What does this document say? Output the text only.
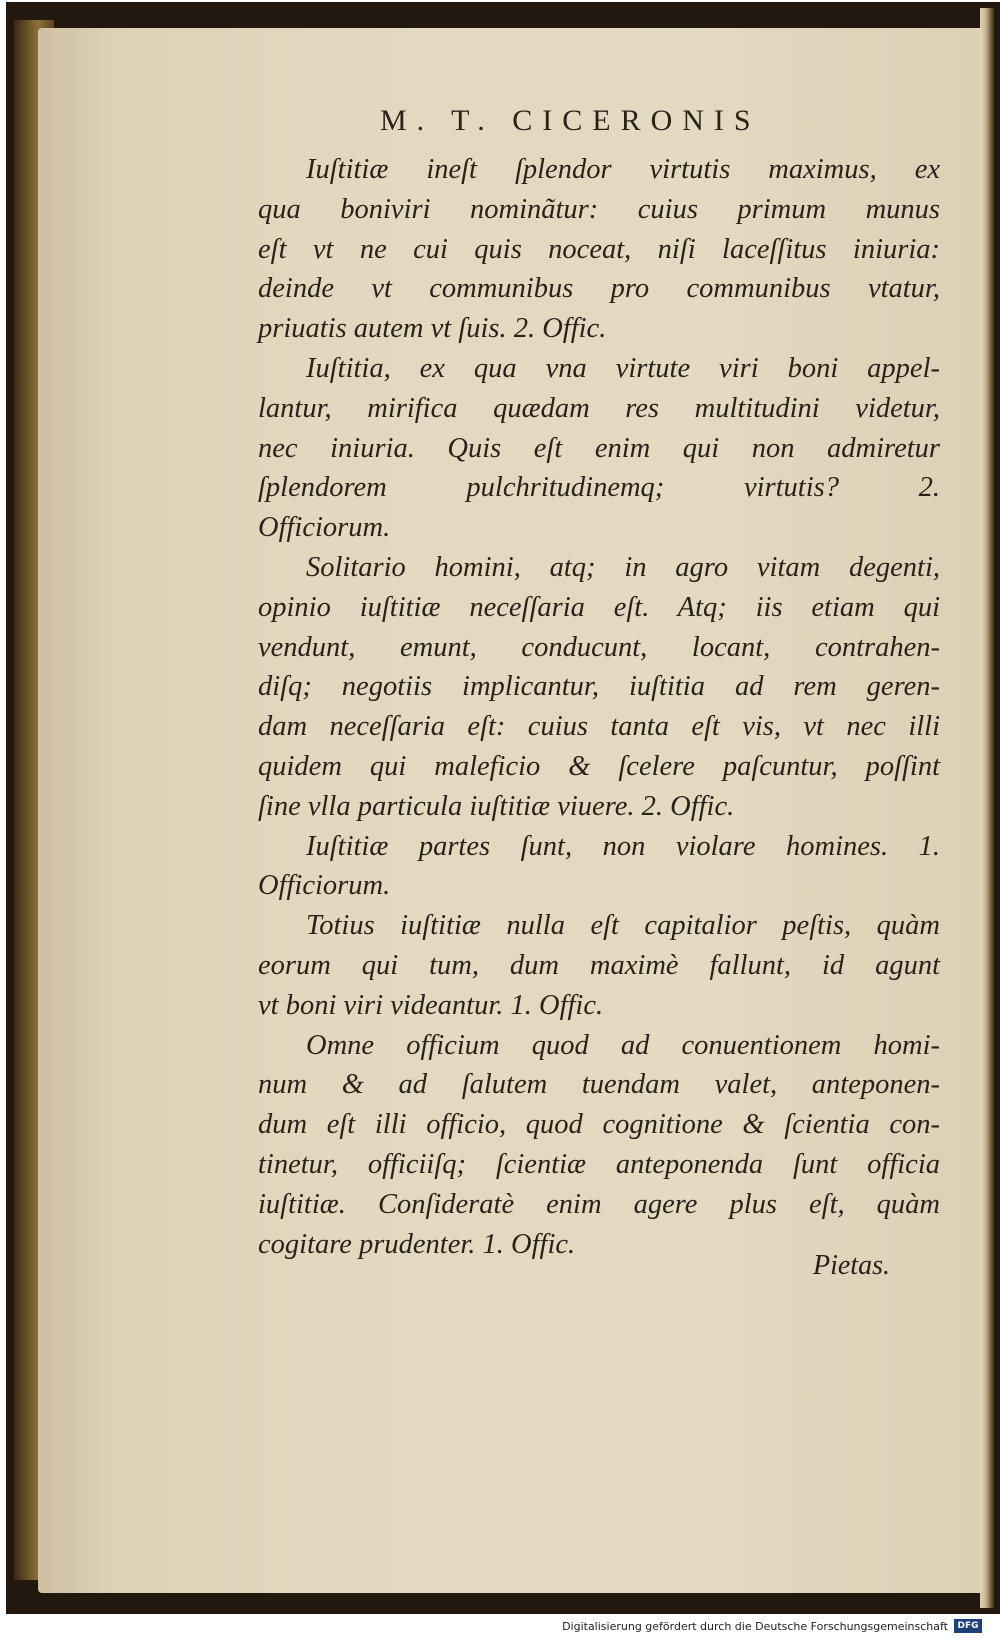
M. T. CICERONIS

Iuſtitiæ ineſt ſplendor virtutis maximus, ex
qua boniviri nominãtur: cuius primum munus
eſt vt ne cui quis noceat, niſi laceſſitus iniuria:
deinde vt communibus pro communibus vtatur,
priuatis autem vt ſuis. 2. Offic.

Iuſtitia, ex qua vna virtute viri boni appel-
lantur, mirifica quædam res multitudini videtur,
nec iniuria. Quis eſt enim qui non admiretur
ſplendorem pulchritudinemq; virtutis? 2.
Officiorum.

Solitario homini, atq; in agro vitam degenti,
opinio iuſtitiæ neceſſaria eſt. Atq; iis etiam qui
vendunt, emunt, conducunt, locant, contrahen-
diſq; negotiis implicantur, iuſtitia ad rem geren-
dam neceſſaria eſt: cuius tanta eſt vis, vt nec illi
quidem qui maleficio & ſcelere paſcuntur, poſſint
ſine vlla particula iuſtitiæ viuere. 2. Offic.

Iuſtitiæ partes ſunt, non violare homines. 1.
Officiorum.

Totius iuſtitiæ nulla eſt capitalior peſtis, quàm
eorum qui tum, dum maximè fallunt, id agunt
vt boni viri videantur. 1. Offic.

Omne officium quod ad conuentionem homi-
num & ad ſalutem tuendam valet, anteponen-
dum eſt illi officio, quod cognitione & ſcientia con-
tinetur, officiiſq; ſcientiæ anteponenda ſunt officia
iuſtitiæ. Conſideratè enim agere plus eſt, quàm
cogitare prudenter. 1. Offic.

Pietas.
Digitalisierung gefördert durch die Deutsche Forschungsgemeinschaft	DFG
